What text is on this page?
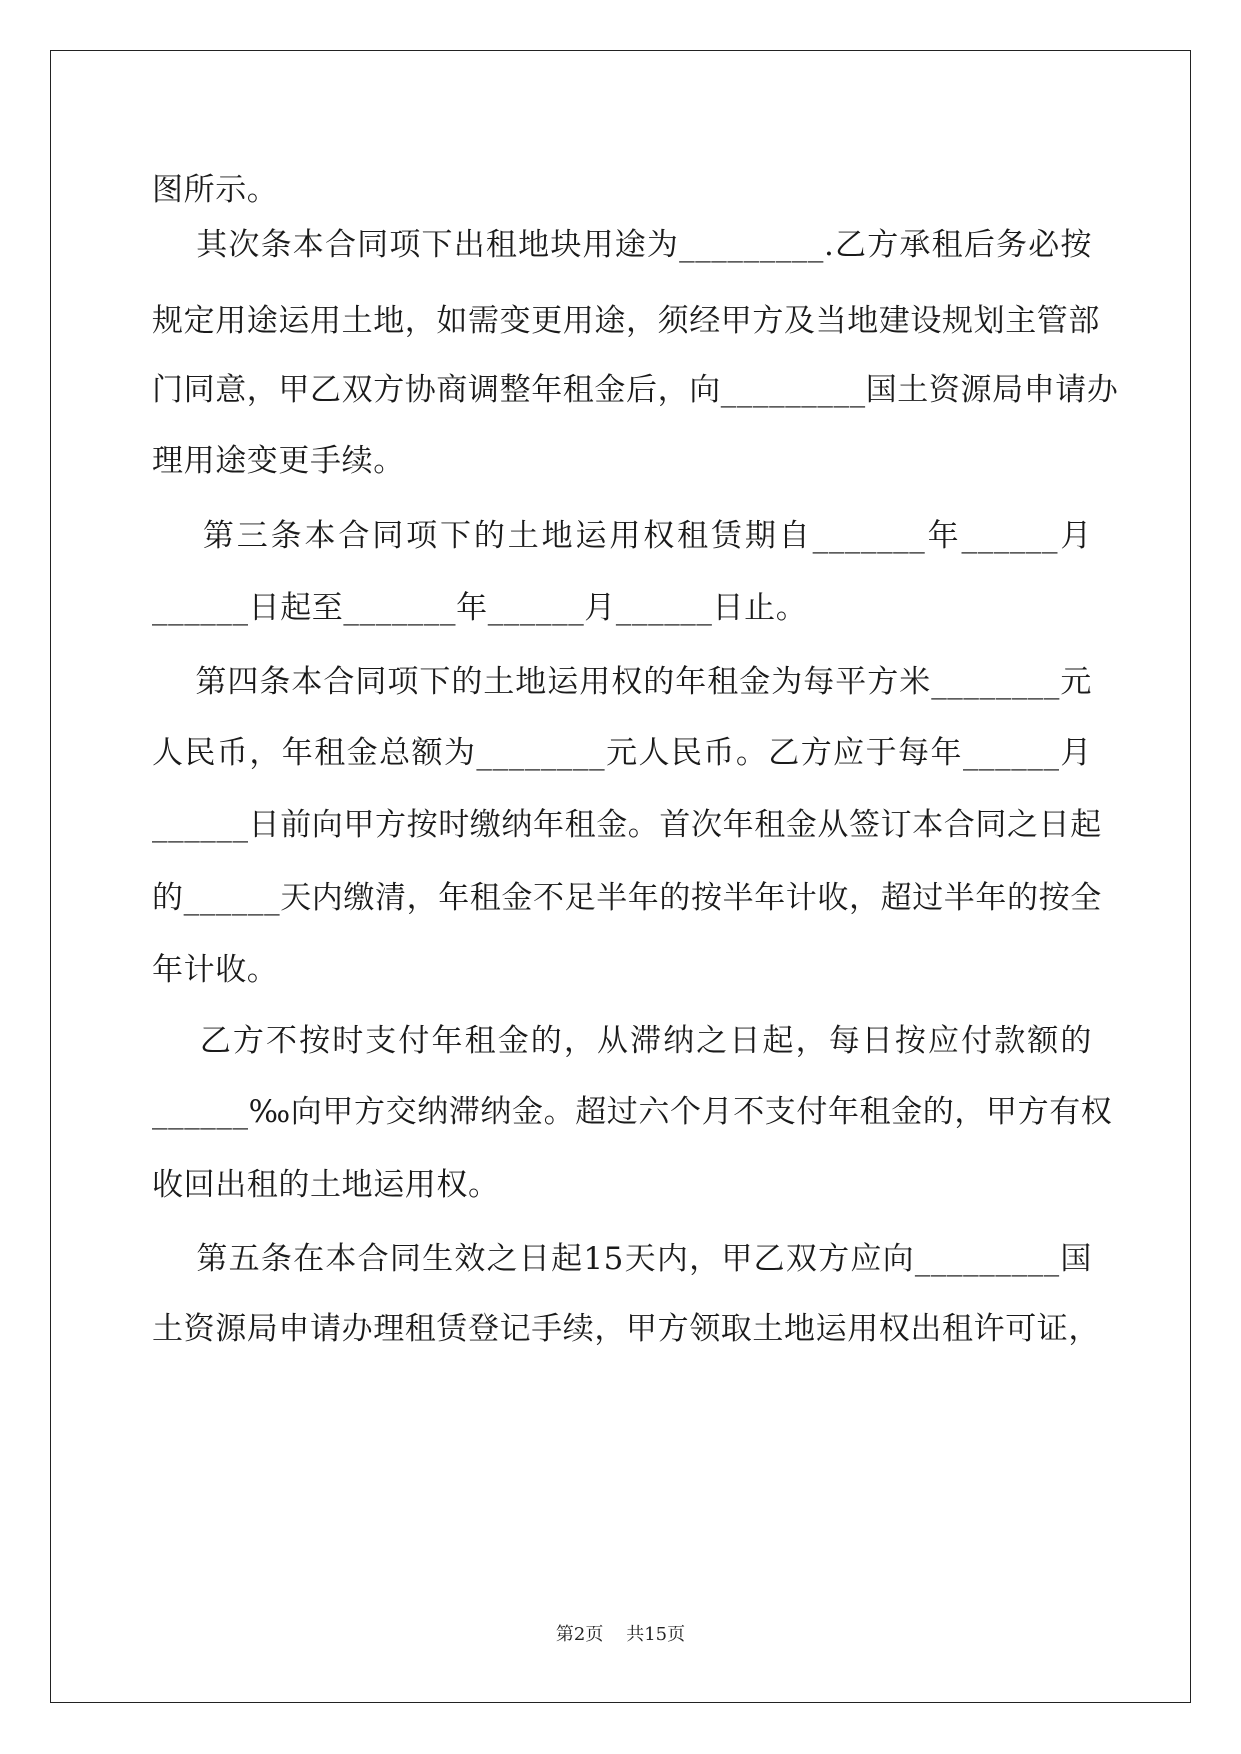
图所示。
其次条本合同项下出租地块用途为_________.乙方承租后务必按
规定用途运用土地，如需变更用途，须经甲方及当地建设规划主管部
门同意，甲乙双方协商调整年租金后，向_________国土资源局申请办
理用途变更手续。
第三条本合同项下的土地运用权租赁期自_______年______月
______日起至_______年______月______日止。
第四条本合同项下的土地运用权的年租金为每平方米________元
人民币，年租金总额为________元人民币。乙方应于每年______月
______日前向甲方按时缴纳年租金。首次年租金从签订本合同之日起
的______天内缴清，年租金不足半年的按半年计收，超过半年的按全
年计收。
乙方不按时支付年租金的，从滞纳之日起，每日按应付款额的
______‰向甲方交纳滞纳金。超过六个月不支付年租金的，甲方有权
收回出租的土地运用权。
第五条在本合同生效之日起15天内，甲乙双方应向_________国
土资源局申请办理租赁登记手续，甲方领取土地运用权出租许可证，
第2页    共15页
